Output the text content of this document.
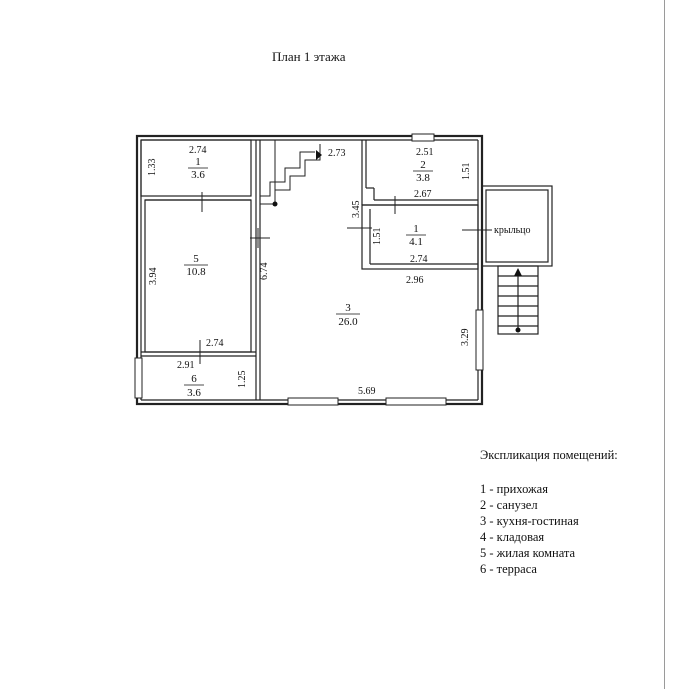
План 1 этажа
1
3.6
5
10.8
6
3.6
3
26.0
2
3.8
1
4.1
2.74
1.33
2.73	2.51
1.51
2.67
3.45
1.51
2.74
2.96
3.94	6.74
2.74
2.91
1.25
3.29
5.69
крыльцо
Экспликация помещений:
1 - прихожая
2 - санузел
3 - кухня-гостиная
4 - кладовая
5 - жилая комната
6 - терраса
